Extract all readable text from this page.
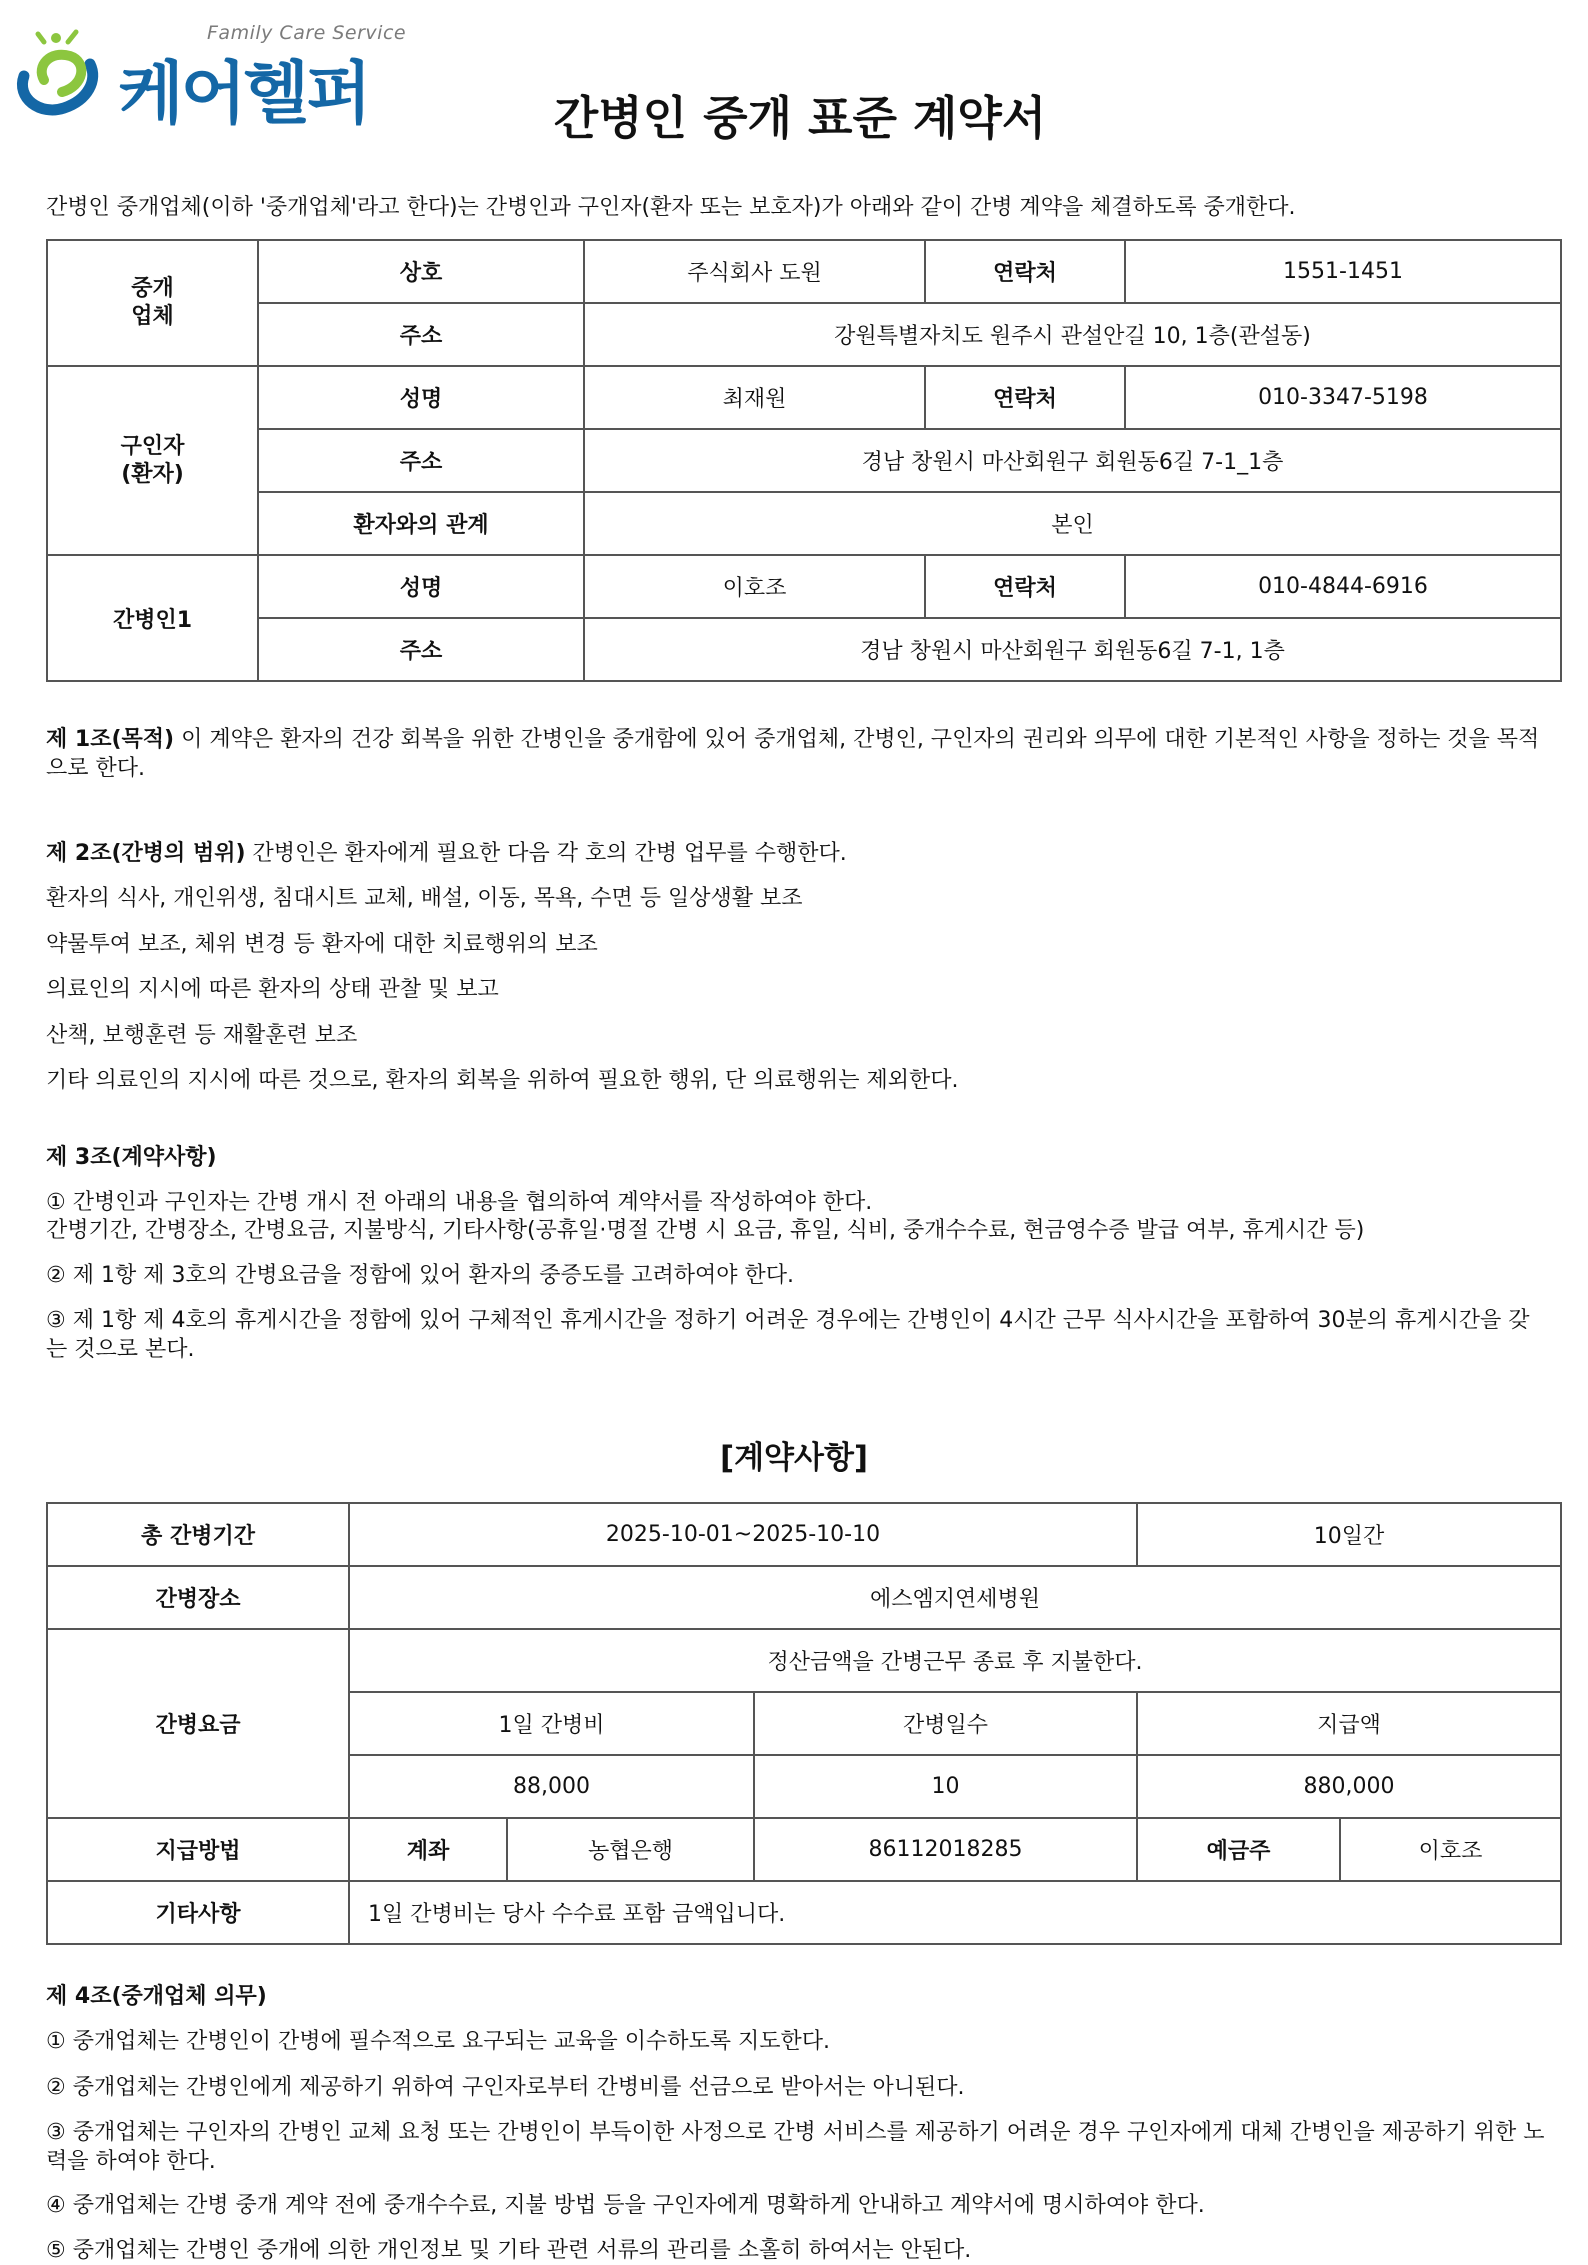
Family Care Service
케어헬퍼	간병인 중개 표준 계약서
간병인 중개업체(이하 '중개업체'라고 한다)는 간병인과 구인자(환자 또는 보호자)가 아래와 같이 간병 계약을 체결하도록 중개한다.
중개
업체	상호	주식회사 도원	연락처	1551-1451
	주소	강원특별자치도 원주시 관설안길 10, 1층(관설동)		
구인자
(환자)	성명	최재원	연락처	010-3347-5198
	주소	경남 창원시 마산회원구 회원동6길 7-1_1층		
	환자와의 관계	본인		
간병인1	성명	이호조	연락처	010-4844-6916
	주소	경남 창원시 마산회원구 회원동6길 7-1, 1층		
제 1조(목적) 이 계약은 환자의 건강 회복을 위한 간병인을 중개함에 있어 중개업체, 간병인, 구인자의 권리와 의무에 대한 기본적인 사항을 정하는 것을 목적으로 한다.
제 2조(간병의 범위) 간병인은 환자에게 필요한 다음 각 호의 간병 업무를 수행한다.
환자의 식사, 개인위생, 침대시트 교체, 배설, 이동, 목욕, 수면 등 일상생활 보조
약물투여 보조, 체위 변경 등 환자에 대한 치료행위의 보조
의료인의 지시에 따른 환자의 상태 관찰 및 보고
산책, 보행훈련 등 재활훈련 보조
기타 의료인의 지시에 따른 것으로, 환자의 회복을 위하여 필요한 행위, 단 의료행위는 제외한다.
제 3조(계약사항)
① 간병인과 구인자는 간병 개시 전 아래의 내용을 협의하여 계약서를 작성하여야 한다.
간병기간, 간병장소, 간병요금, 지불방식, 기타사항(공휴일·명절 간병 시 요금, 휴일, 식비, 중개수수료, 현금영수증 발급 여부, 휴게시간 등)
② 제 1항 제 3호의 간병요금을 정함에 있어 환자의 중증도를 고려하여야 한다.
③ 제 1항 제 4호의 휴게시간을 정함에 있어 구체적인 휴게시간을 정하기 어려운 경우에는 간병인이 4시간 근무 식사시간을 포함하여 30분의 휴게시간을 갖는 것으로 본다.
[계약사항]
총 간병기간	2025-10-01~2025-10-10			10일간	
간병장소	에스엠지연세병원				
간병요금	정산금액을 간병근무 종료 후 지불한다.				
	1일 간병비		간병일수	지급액	
	88,000		10	880,000	
지급방법	계좌	농협은행	86112018285	예금주	이호조
기타사항	1일 간병비는 당사 수수료 포함 금액입니다.				
제 4조(중개업체 의무)
① 중개업체는 간병인이 간병에 필수적으로 요구되는 교육을 이수하도록 지도한다.
② 중개업체는 간병인에게 제공하기 위하여 구인자로부터 간병비를 선금으로 받아서는 아니된다.
③ 중개업체는 구인자의 간병인 교체 요청 또는 간병인이 부득이한 사정으로 간병 서비스를 제공하기 어려운 경우 구인자에게 대체 간병인을 제공하기 위한 노력을 하여야 한다.
④ 중개업체는 간병 중개 계약 전에 중개수수료, 지불 방법 등을 구인자에게 명확하게 안내하고 계약서에 명시하여야 한다.
⑤ 중개업체는 간병인 중개에 의한 개인정보 및 기타 관련 서류의 관리를 소홀히 하여서는 안된다.
